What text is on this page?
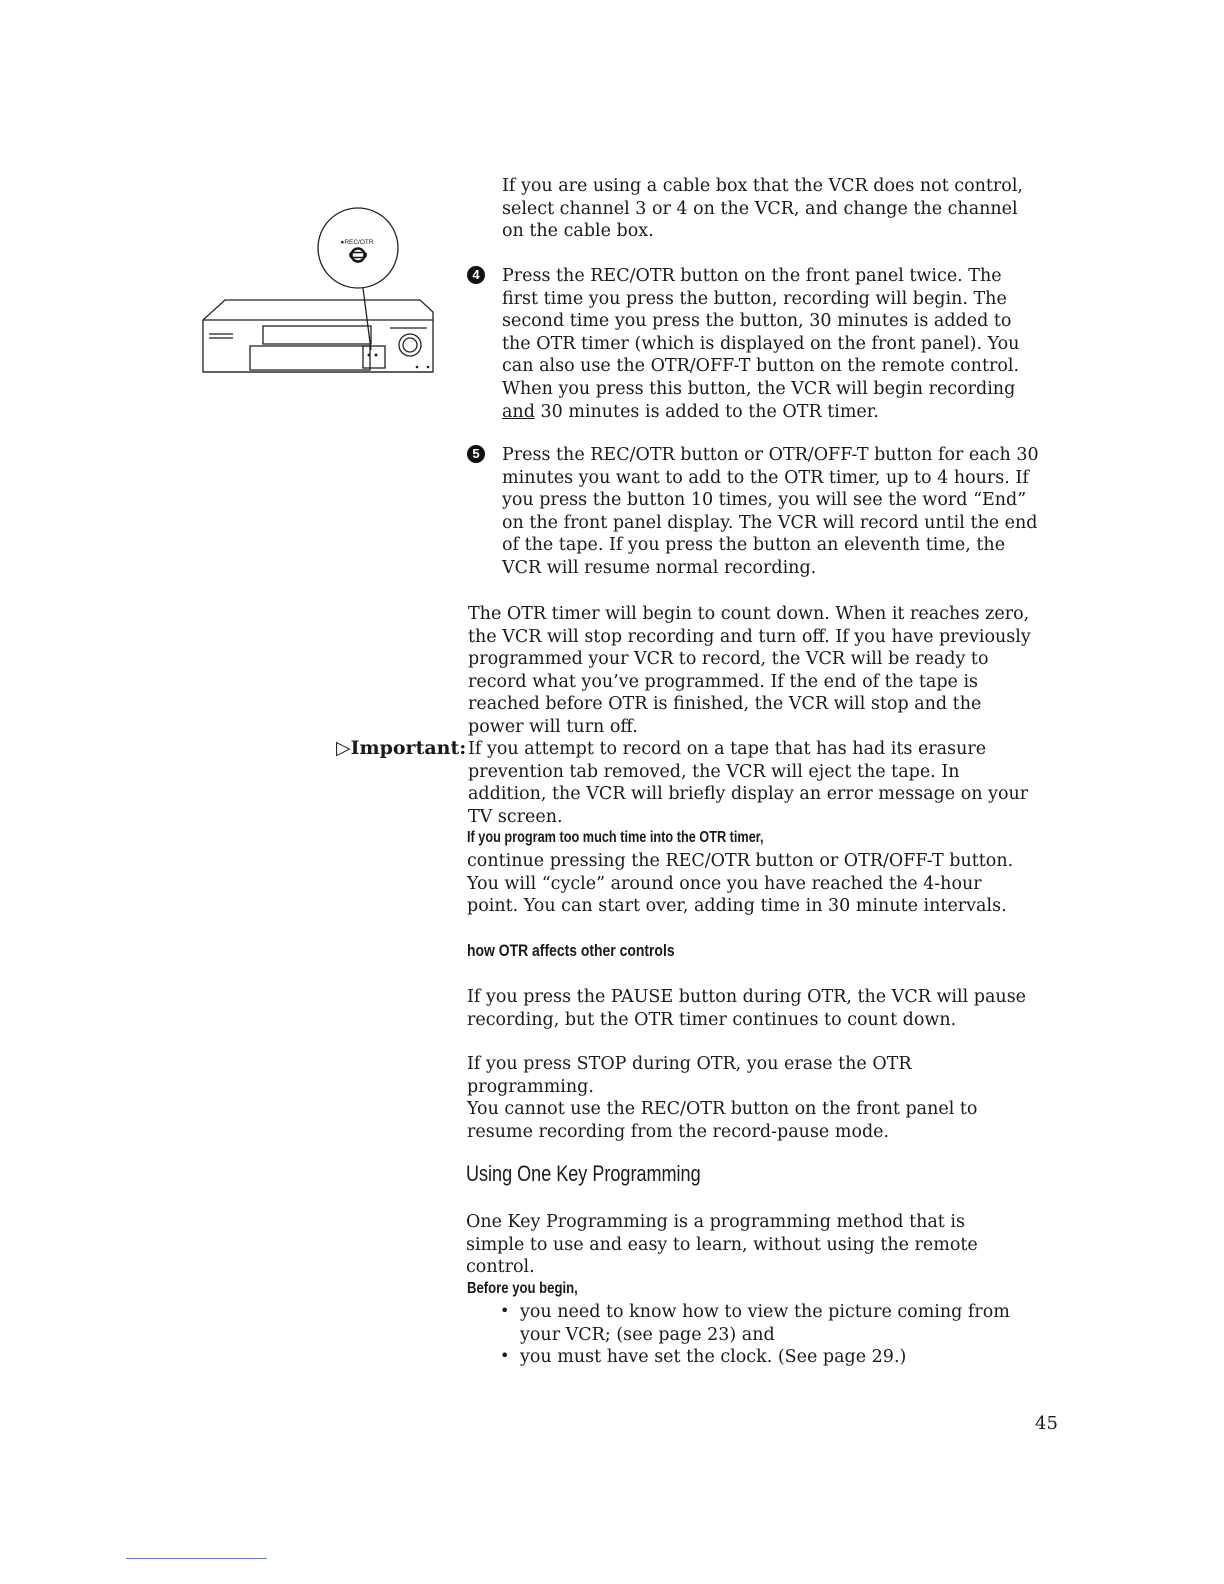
●REC/OTR

If you are using a cable box that the VCR does not control, select channel 3 or 4 on the VCR, and change the channel on the cable box.

4	Press the REC/OTR button on the front panel twice. The first time you press the button, recording will begin. The second time you press the button, 30 minutes is added to the OTR timer (which is displayed on the front panel). You can also use the OTR/OFF-T button on the remote control. When you press this button, the VCR will begin recording and 30 minutes is added to the OTR timer.

5	Press the REC/OTR button or OTR/OFF-T button for each 30 minutes you want to add to the OTR timer, up to 4 hours. If you press the button 10 times, you will see the word “End” on the front panel display. The VCR will record until the end of the tape. If you press the button an eleventh time, the VCR will resume normal recording.

The OTR timer will begin to count down. When it reaches zero, the VCR will stop recording and turn off. If you have previously programmed your VCR to record, the VCR will be ready to record what you’ve programmed. If the end of the tape is reached before OTR is finished, the VCR will stop and the power will turn off.

▷Important: If you attempt to record on a tape that has had its erasure prevention tab removed, the VCR will eject the tape. In addition, the VCR will briefly display an error message on your TV screen.

If you program too much time into the OTR timer,

continue pressing the REC/OTR button or OTR/OFF-T button. You will “cycle” around once you have reached the 4-hour point. You can start over, adding time in 30 minute intervals.

how OTR affects other controls

If you press the PAUSE button during OTR, the VCR will pause recording, but the OTR timer continues to count down.

If you press STOP during OTR, you erase the OTR programming.

You cannot use the REC/OTR button on the front panel to resume recording from the record-pause mode.

Using One Key Programming

One Key Programming is a programming method that is simple to use and easy to learn, without using the remote control.

Before you begin,
• you need to know how to view the picture coming from your VCR; (see page 23) and

• you must have set the clock. (See page 29.)

45
